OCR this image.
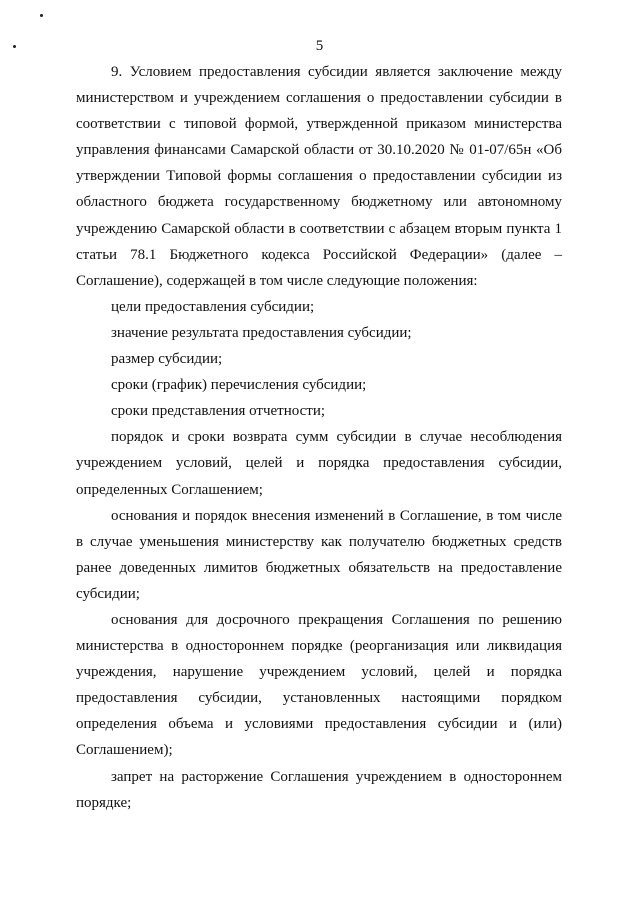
5

9. Условием предоставления субсидии является заключение между министерством и учреждением соглашения о предоставлении субсидии в соответствии с типовой формой, утвержденной приказом министерства управления финансами Самарской области от 30.10.2020 № 01-07/65н «Об утверждении Типовой формы соглашения о предоставлении субсидии из областного бюджета государственному бюджетному или автономному учреждению Самарской области в соответствии с абзацем вторым пункта 1 статьи 78.1 Бюджетного кодекса Российской Федерации» (далее – Соглашение), содержащей в том числе следующие положения:

цели предоставления субсидии;

значение результата предоставления субсидии;

размер субсидии;

сроки (график) перечисления субсидии;

сроки представления отчетности;

порядок и сроки возврата сумм субсидии в случае несоблюдения учреждением условий, целей и порядка предоставления субсидии, определенных Соглашением;

основания и порядок внесения изменений в Соглашение, в том числе в случае уменьшения министерству как получателю бюджетных средств ранее доведенных лимитов бюджетных обязательств на предоставление субсидии;

основания для досрочного прекращения Соглашения по решению министерства в одностороннем порядке (реорганизация или ликвидация учреждения, нарушение учреждением условий, целей и порядка предоставления субсидии, установленных настоящими порядком определения объема и условиями предоставления субсидии и (или) Соглашением);

запрет на расторжение Соглашения учреждением в одностороннем порядке;
